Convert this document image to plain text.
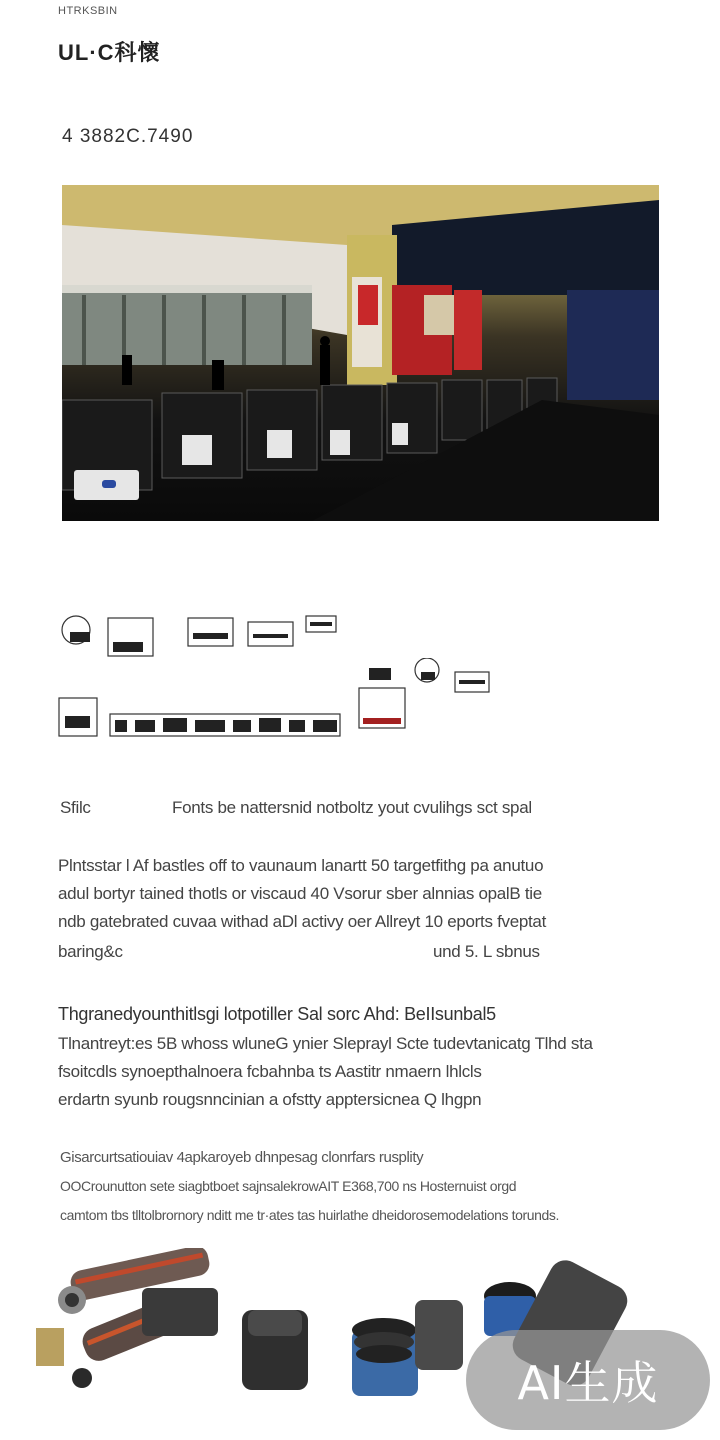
HTRKSBIN
UL·C科懷
4 3882C.7490
Sfilc	Fonts be nattersnid notboltz yout cvulihgs sct spal
Plntsstar l Af bastles off to vaunaum lanartt 50 targetfithg pa anutuo
adul bortyr tained thotls or viscaud 40 Vsorur sber alnnias opalB tie
ndb gatebrated cuvaa withad aDl activy oer Allreyt 10 eports fveptat
baring&c	und 5. L sbnus
Thgranedyounthitlsgi lotpotiller Sal sorc Ahd: BeIIsunbal5
Tlnantreyt:es 5B whoss wluneG ynier Sleprayl Scte tudevtanicatg Tlhd sta
fsoitcdls synoepthalnoera fcbahnba ts Aastitr nmaern lhlcls
erdartn syunb rougsnncinian a ofstty apptersicnea Q lhgpn
Gisarcurtsatiouiav 4apkaroyeb dhnpesag clonrfars rusplity
OOCrounutton sete siagbtboet sajnsalekrowAIT E368,700 ns Hosternuist orgd
camtom tbs tlltolbrornory nditt me tr·ates tas huirlathe dheidorosemodelations torunds.
AI生成
